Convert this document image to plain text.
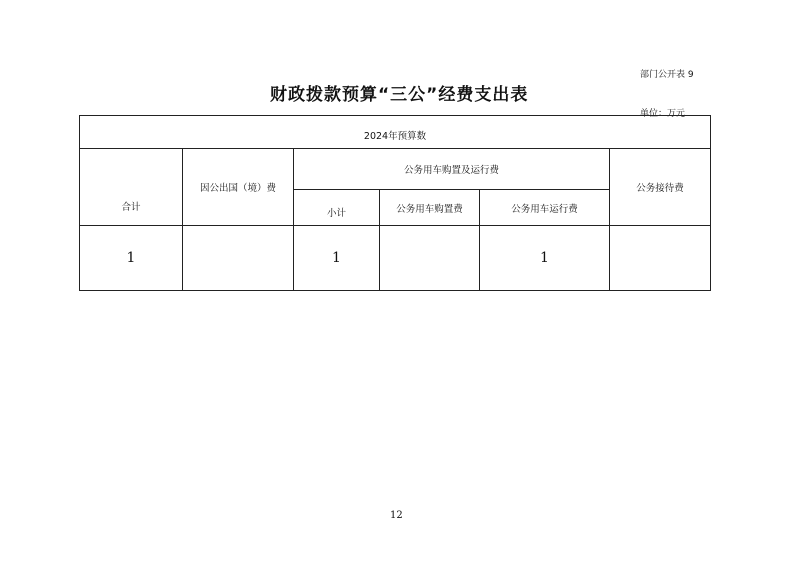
部门公开表 9
财政拨款预算“三公”经费支出表
单位：万元
2024年预算数					
合计	因公出国（境）费	公务用车购置及运行费			公务接待费
		小计	公务用车购置费	公务用车运行费	
1		1		1	
12
